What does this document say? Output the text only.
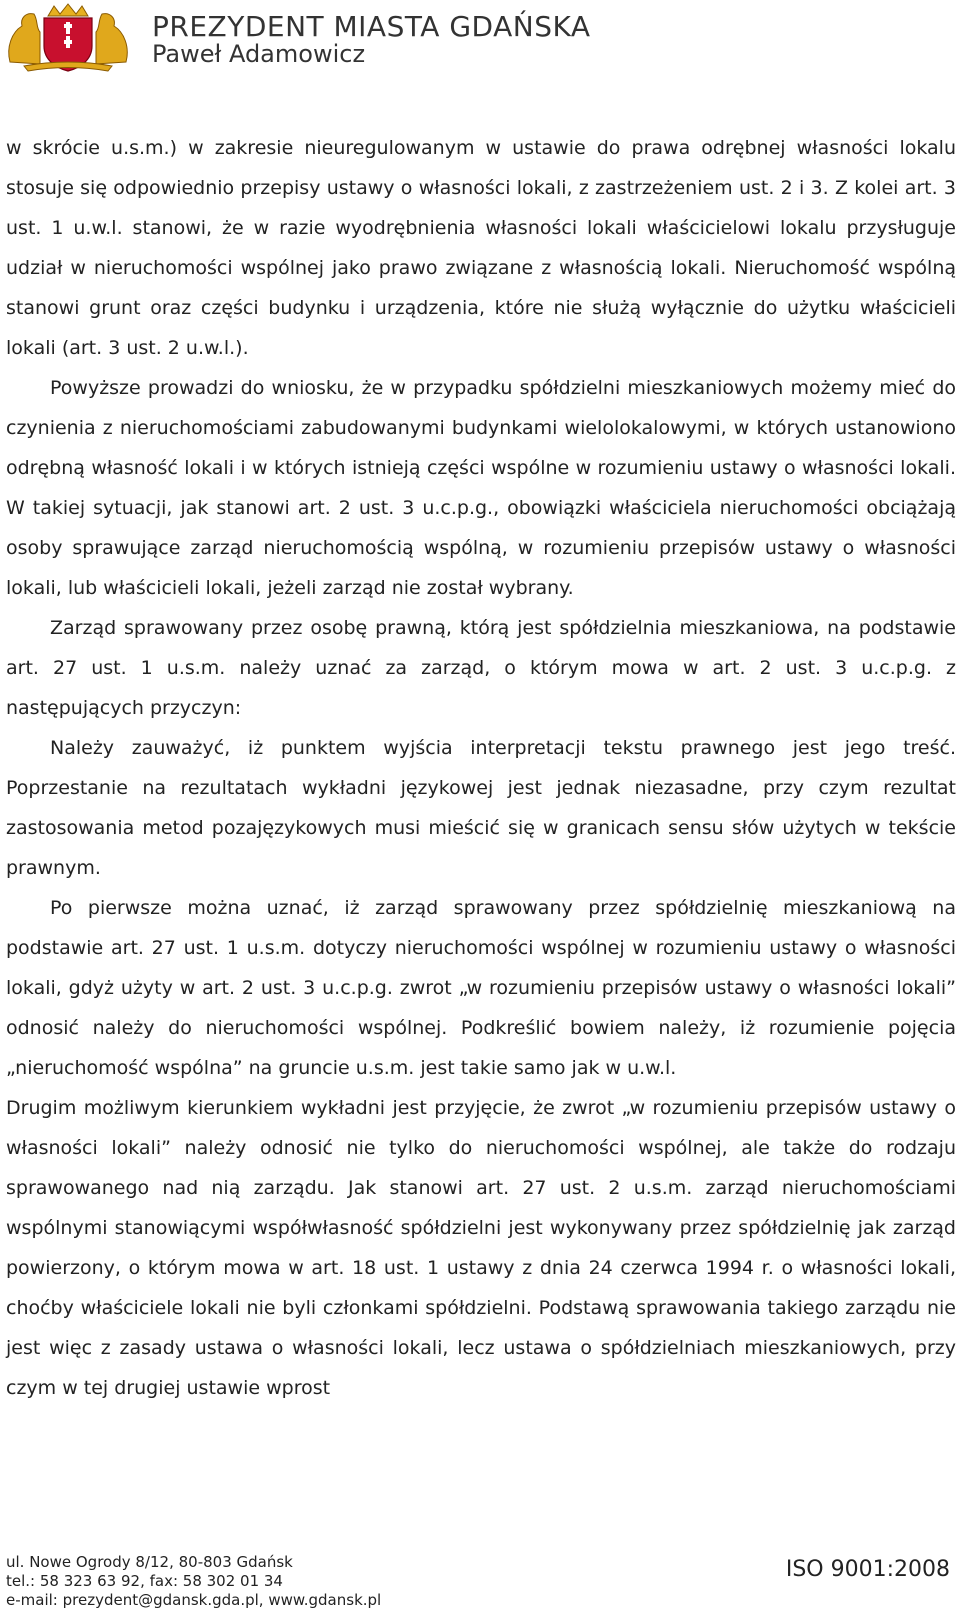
PREZYDENT MIASTA GDAŃSKA
Paweł Adamowicz

w skrócie u.s.m.) w zakresie nieuregulowanym w ustawie do prawa odrębnej własności lokalu stosuje się odpowiednio przepisy ustawy o własności lokali, z zastrzeżeniem ust. 2 i 3. Z kolei art. 3 ust. 1 u.w.l. stanowi, że w razie wyodrębnienia własności lokali właścicielowi lokalu przysługuje udział w nieruchomości wspólnej jako prawo związane z własnością lokali. Nieruchomość wspólną stanowi grunt oraz części budynku i urządzenia, które nie służą wyłącznie do użytku właścicieli lokali (art. 3 ust. 2 u.w.l.).

Powyższe prowadzi do wniosku, że w przypadku spółdzielni mieszkaniowych możemy mieć do czynienia z nieruchomościami zabudowanymi budynkami wielolokalowymi, w których ustanowiono odrębną własność lokali i w których istnieją części wspólne w rozumieniu ustawy o własności lokali. W takiej sytuacji, jak stanowi art. 2 ust. 3 u.c.p.g., obowiązki właściciela nieruchomości obciążają osoby sprawujące zarząd nieruchomością wspólną, w rozumieniu przepisów ustawy o własności lokali, lub właścicieli lokali, jeżeli zarząd nie został wybrany.

Zarząd sprawowany przez osobę prawną, którą jest spółdzielnia mieszkaniowa, na podstawie art. 27 ust. 1 u.s.m. należy uznać za zarząd, o którym mowa w art. 2 ust. 3 u.c.p.g. z następujących przyczyn:

Należy zauważyć, iż punktem wyjścia interpretacji tekstu prawnego jest jego treść. Poprzestanie na rezultatach wykładni językowej jest jednak niezasadne, przy czym rezultat zastosowania metod pozajęzykowych musi mieścić się w granicach sensu słów użytych w tekście prawnym.

Po pierwsze można uznać, iż zarząd sprawowany przez spółdzielnię mieszkaniową na podstawie art. 27 ust. 1 u.s.m. dotyczy nieruchomości wspólnej w rozumieniu ustawy o własności lokali, gdyż użyty w art. 2 ust. 3 u.c.p.g. zwrot „w rozumieniu przepisów ustawy o własności lokali” odnosić należy do nieruchomości wspólnej. Podkreślić bowiem należy, iż rozumienie pojęcia „nieruchomość wspólna” na gruncie u.s.m. jest takie samo jak w u.w.l.

Drugim możliwym kierunkiem wykładni jest przyjęcie, że zwrot „w rozumieniu przepisów ustawy o własności lokali” należy odnosić nie tylko do nieruchomości wspólnej, ale także do rodzaju sprawowanego nad nią zarządu. Jak stanowi art. 27 ust. 2 u.s.m. zarząd nieruchomościami wspólnymi stanowiącymi współwłasność spółdzielni jest wykonywany przez spółdzielnię jak zarząd powierzony, o którym mowa w art. 18 ust. 1 ustawy z dnia 24 czerwca 1994 r. o własności lokali, choćby właściciele lokali nie byli członkami spółdzielni. Podstawą sprawowania takiego zarządu nie jest więc z zasady ustawa o własności lokali, lecz ustawa o spółdzielniach mieszkaniowych, przy czym w tej drugiej ustawie wprost

ul. Nowe Ogrody 8/12, 80-803 Gdańsk
tel.: 58 323 63 92, fax: 58 302 01 34
e-mail: prezydent@gdansk.gda.pl, www.gdansk.pl
ISO 9001:2008
